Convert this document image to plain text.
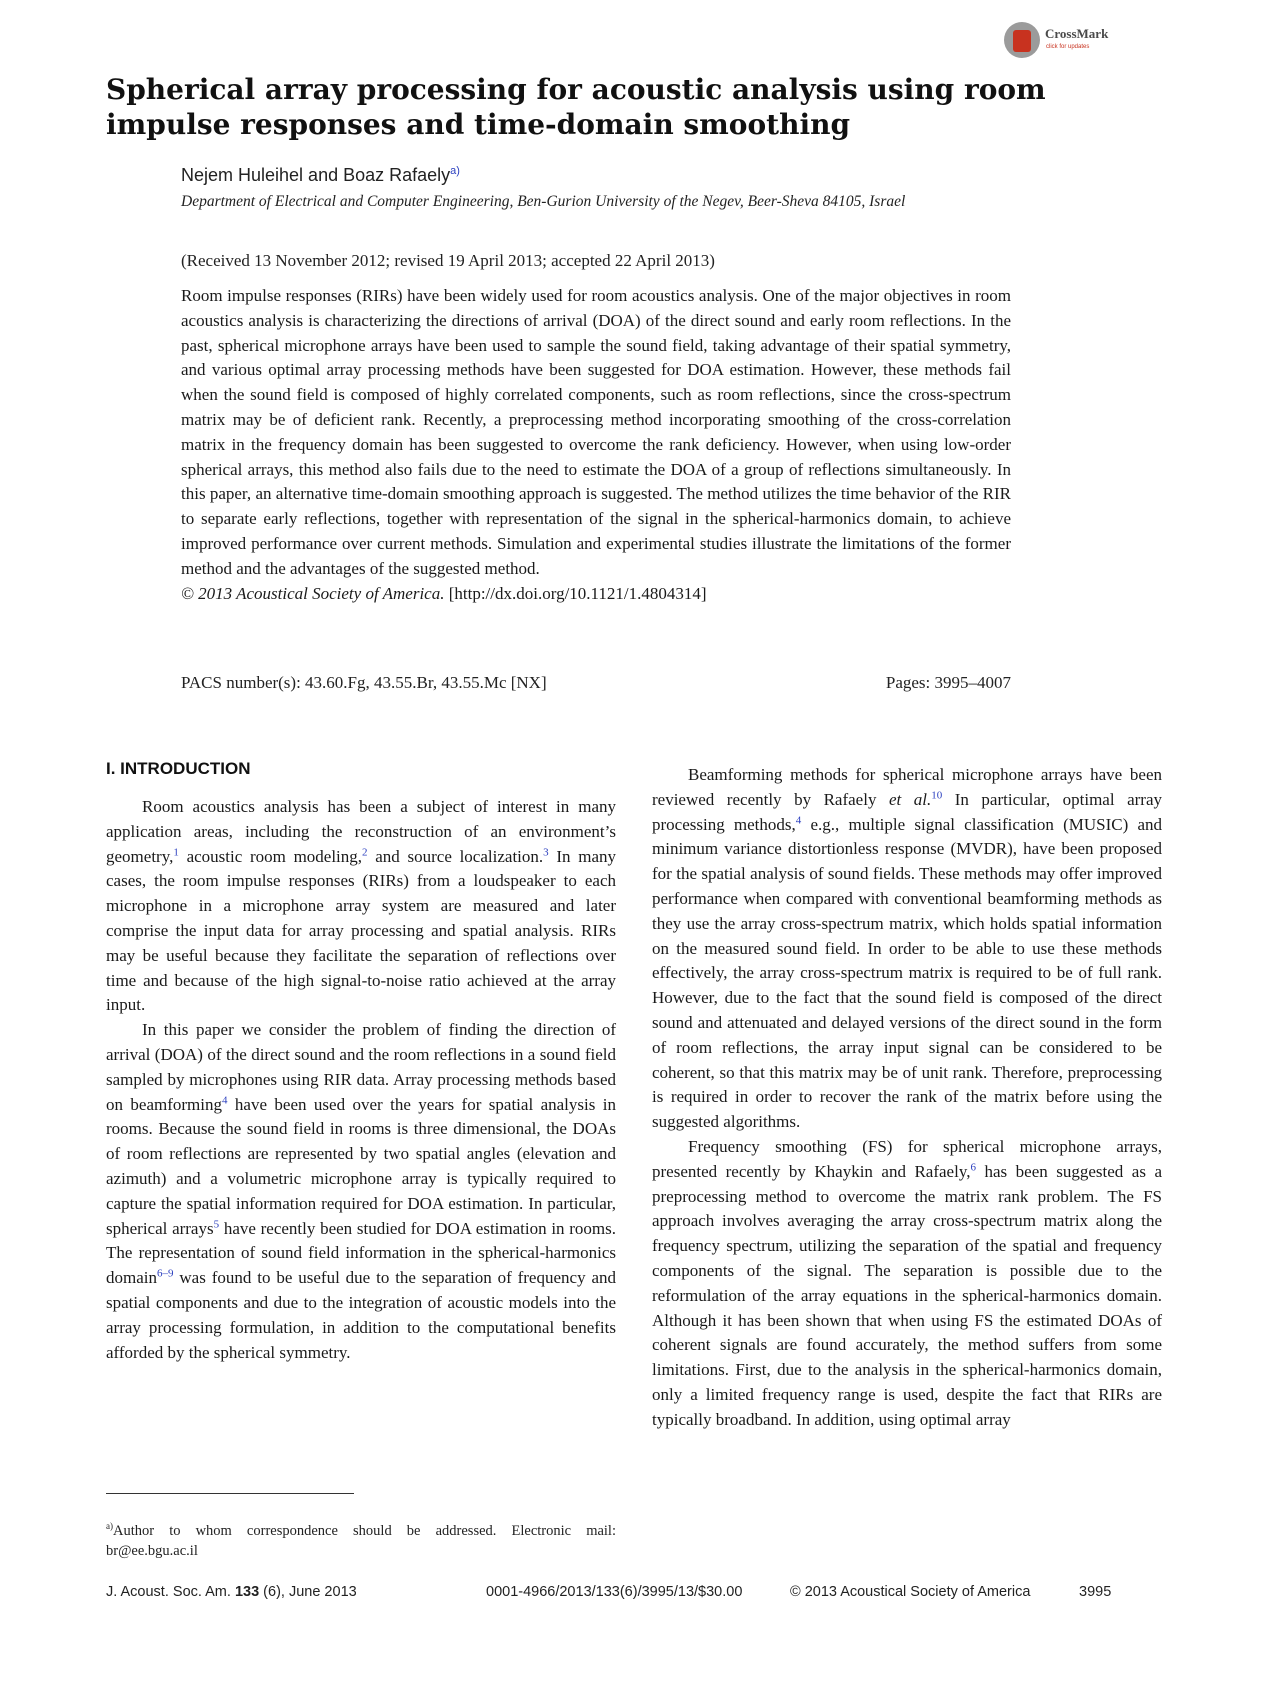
CrossMark
click for updates
Spherical array processing for acoustic analysis using room impulse responses and time-domain smoothing
Nejem Huleihel and Boaz Rafaely$^{a)}$
Department of Electrical and Computer Engineering, Ben-Gurion University of the Negev, Beer-Sheva 84105, Israel
(Received 13 November 2012; revised 19 April 2013; accepted 22 April 2013)

Room impulse responses (RIRs) have been widely used for room acoustics analysis. One of the major objectives in room acoustics analysis is characterizing the directions of arrival (DOA) of the direct sound and early room reflections. In the past, spherical microphone arrays have been used to sample the sound field, taking advantage of their spatial symmetry, and various optimal array processing methods have been suggested for DOA estimation. However, these methods fail when the sound field is composed of highly correlated components, such as room reflections, since the cross-spectrum matrix may be of deficient rank. Recently, a preprocessing method incorporating smoothing of the cross-correlation matrix in the frequency domain has been suggested to overcome the rank deficiency. However, when using low-order spherical arrays, this method also fails due to the need to estimate the DOA of a group of reflections simultaneously. In this paper, an alternative time-domain smoothing approach is suggested. The method utilizes the time behavior of the RIR to separate early reflections, together with representation of the signal in the spherical-harmonics domain, to achieve improved performance over current methods. Simulation and experimental studies illustrate the limitations of the former method and the advantages of the suggested method.
© 2013 Acoustical Society of America. [http://dx.doi.org/10.1121/1.4804314]

PACS number(s): 43.60.Fg, 43.55.Br, 43.55.Mc [NX]	Pages: 3995–4007
I. INTRODUCTION

Room acoustics analysis has been a subject of interest in many application areas, including the reconstruction of an environment’s geometry,$^1$ acoustic room modeling,$^2$ and source localization.$^3$ In many cases, the room impulse responses (RIRs) from a loudspeaker to each microphone in a microphone array system are measured and later comprise the input data for array processing and spatial analysis. RIRs may be useful because they facilitate the separation of reflections over time and because of the high signal-to-noise ratio achieved at the array input.

In this paper we consider the problem of finding the direction of arrival (DOA) of the direct sound and the room reflections in a sound field sampled by microphones using RIR data. Array processing methods based on beamforming$^4$ have been used over the years for spatial analysis in rooms. Because the sound field in rooms is three dimensional, the DOAs of room reflections are represented by two spatial angles (elevation and azimuth) and a volumetric microphone array is typically required to capture the spatial information required for DOA estimation. In particular, spherical arrays$^5$ have recently been studied for DOA estimation in rooms. The representation of sound field information in the spherical-harmonics domain$^{6-9}$ was found to be useful due to the separation of frequency and spatial components and due to the integration of acoustic models into the array processing formulation, in addition to the computational benefits afforded by the spherical symmetry.

Beamforming methods for spherical microphone arrays have been reviewed recently by Rafaely et al.$^{10}$ In particular, optimal array processing methods,$^4$ e.g., multiple signal classification (MUSIC) and minimum variance distortionless response (MVDR), have been proposed for the spatial analysis of sound fields. These methods may offer improved performance when compared with conventional beamforming methods as they use the array cross-spectrum matrix, which holds spatial information on the measured sound field. In order to be able to use these methods effectively, the array cross-spectrum matrix is required to be of full rank. However, due to the fact that the sound field is composed of the direct sound and attenuated and delayed versions of the direct sound in the form of room reflections, the array input signal can be considered to be coherent, so that this matrix may be of unit rank. Therefore, preprocessing is required in order to recover the rank of the matrix before using the suggested algorithms.

Frequency smoothing (FS) for spherical microphone arrays, presented recently by Khaykin and Rafaely,$^6$ has been suggested as a preprocessing method to overcome the matrix rank problem. The FS approach involves averaging the array cross-spectrum matrix along the frequency spectrum, utilizing the separation of the spatial and frequency components of the signal. The separation is possible due to the reformulation of the array equations in the spherical-harmonics domain. Although it has been shown that when using FS the estimated DOAs of coherent signals are found accurately, the method suffers from some limitations. First, due to the analysis in the spherical-harmonics domain, only a limited frequency range is used, despite the fact that RIRs are typically broadband. In addition, using optimal array

$^{a)}$Author to whom correspondence should be addressed. Electronic mail: br@ee.bgu.ac.il
J. Acoust. Soc. Am. 133 (6), June 2013	0001-4966/2013/133(6)/3995/13/$30.00	© 2013 Acoustical Society of America	3995
